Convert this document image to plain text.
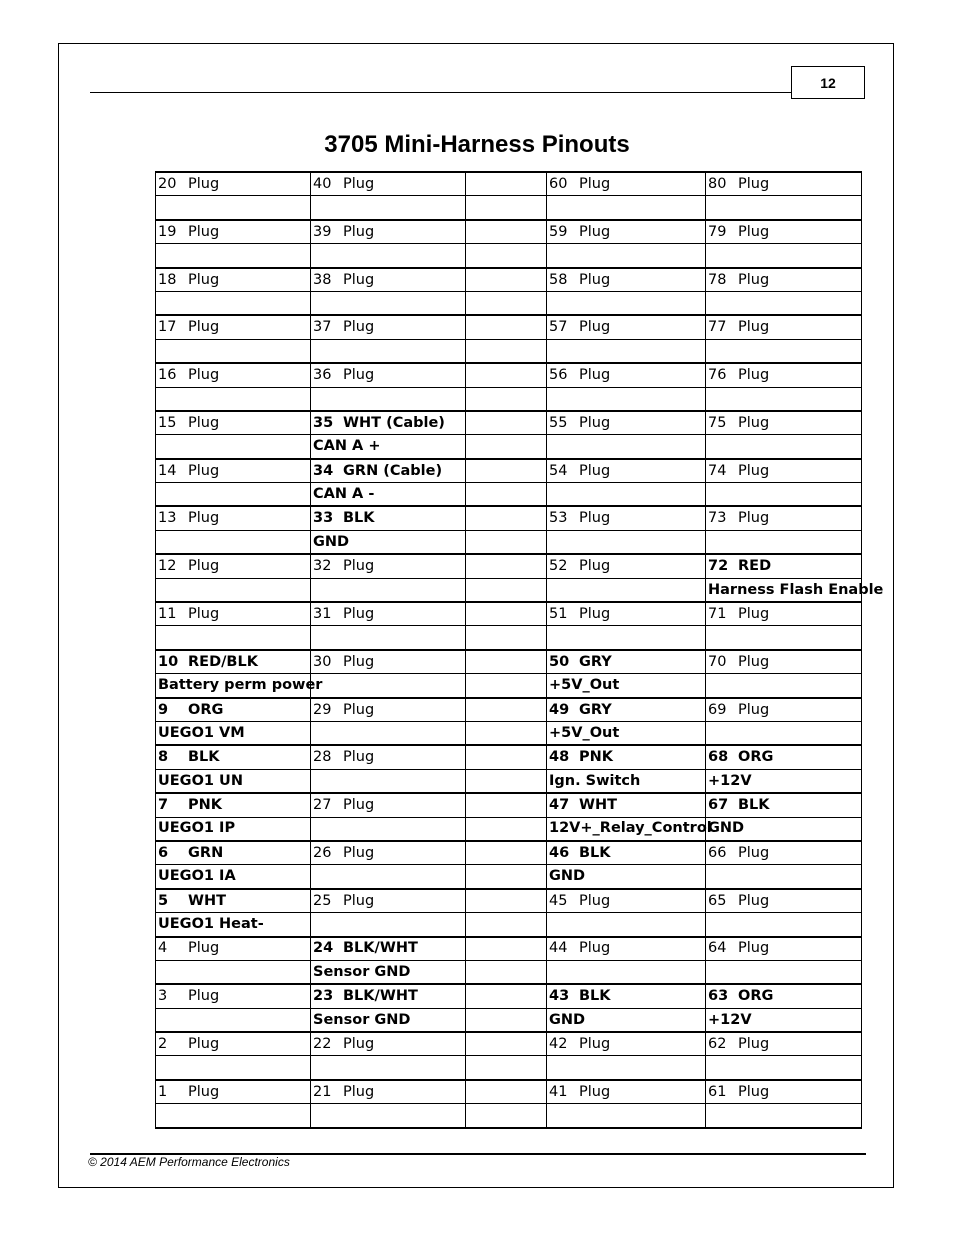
12
3705 Mini-Harness Pinouts
20 Plug	40 Plug		60 Plug	80 Plug

19 Plug	39 Plug		59 Plug	79 Plug

18 Plug	38 Plug		58 Plug	78 Plug

17 Plug	37 Plug		57 Plug	77 Plug

16 Plug	36 Plug		56 Plug	76 Plug

15 Plug	35 WHT (Cable)		55 Plug	75 Plug
	CAN A +			
14 Plug	34 GRN (Cable)		54 Plug	74 Plug
	CAN A -			
13 Plug	33 BLK		53 Plug	73 Plug
	GND			
12 Plug	32 Plug		52 Plug	72 RED
				Harness Flash Enable
11 Plug	31 Plug		51 Plug	71 Plug

10 RED/BLK	30 Plug		50 GRY	70 Plug
Battery perm power			+5V_Out	
9 ORG	29 Plug		49 GRY	69 Plug
UEGO1 VM			+5V_Out	
8 BLK	28 Plug		48 PNK	68 ORG
UEGO1 UN			Ign. Switch	+12V
7 PNK	27 Plug		47 WHT	67 BLK
UEGO1 IP			12V+_Relay_Control	GND
6 GRN	26 Plug		46 BLK	66 Plug
UEGO1 IA			GND	
5 WHT	25 Plug		45 Plug	65 Plug
UEGO1 Heat-				
4 Plug	24 BLK/WHT		44 Plug	64 Plug
	Sensor GND			
3 Plug	23 BLK/WHT		43 BLK	63 ORG
	Sensor GND		GND	+12V
2 Plug	22 Plug		42 Plug	62 Plug

1 Plug	21 Plug		41 Plug	61 Plug

© 2014 AEM Performance Electronics
